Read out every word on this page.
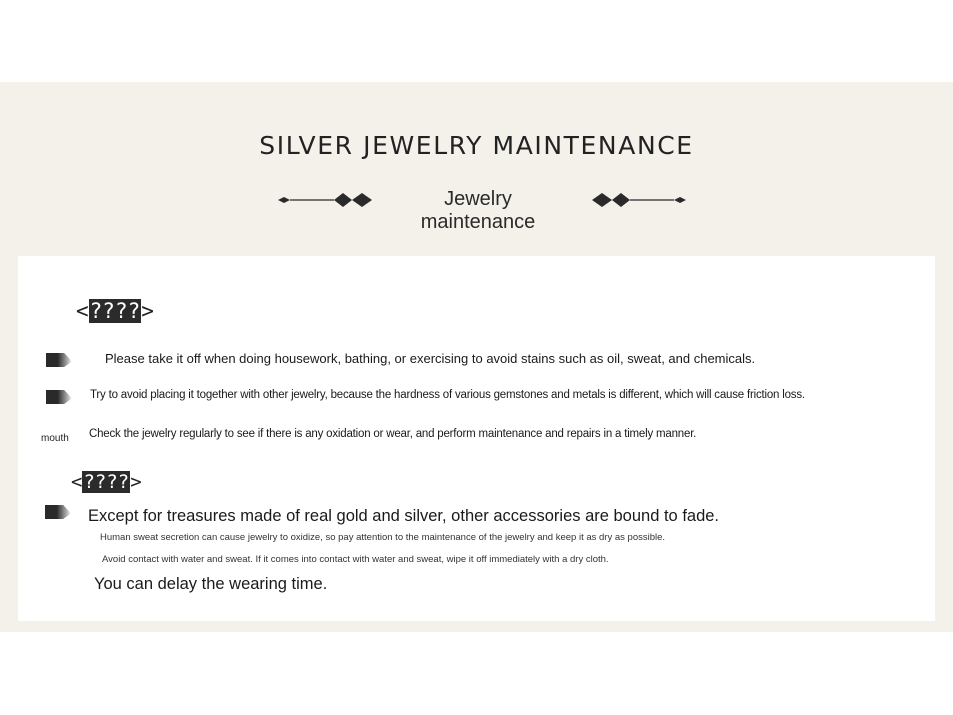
SILVER JEWELRY MAINTENANCE
Jewelry maintenance
<????>
Please take it off when doing housework, bathing, or exercising to avoid stains such as oil, sweat, and chemicals.
Try to avoid placing it together with other jewelry, because the hardness of various gemstones and metals is different, which will cause friction loss.
mouth Check the jewelry regularly to see if there is any oxidation or wear, and perform maintenance and repairs in a timely manner.
<????>
Except for treasures made of real gold and silver, other accessories are bound to fade.
Human sweat secretion can cause jewelry to oxidize, so pay attention to the maintenance of the jewelry and keep it as dry as possible.
Avoid contact with water and sweat. If it comes into contact with water and sweat, wipe it off immediately with a dry cloth.
You can delay the wearing time.
